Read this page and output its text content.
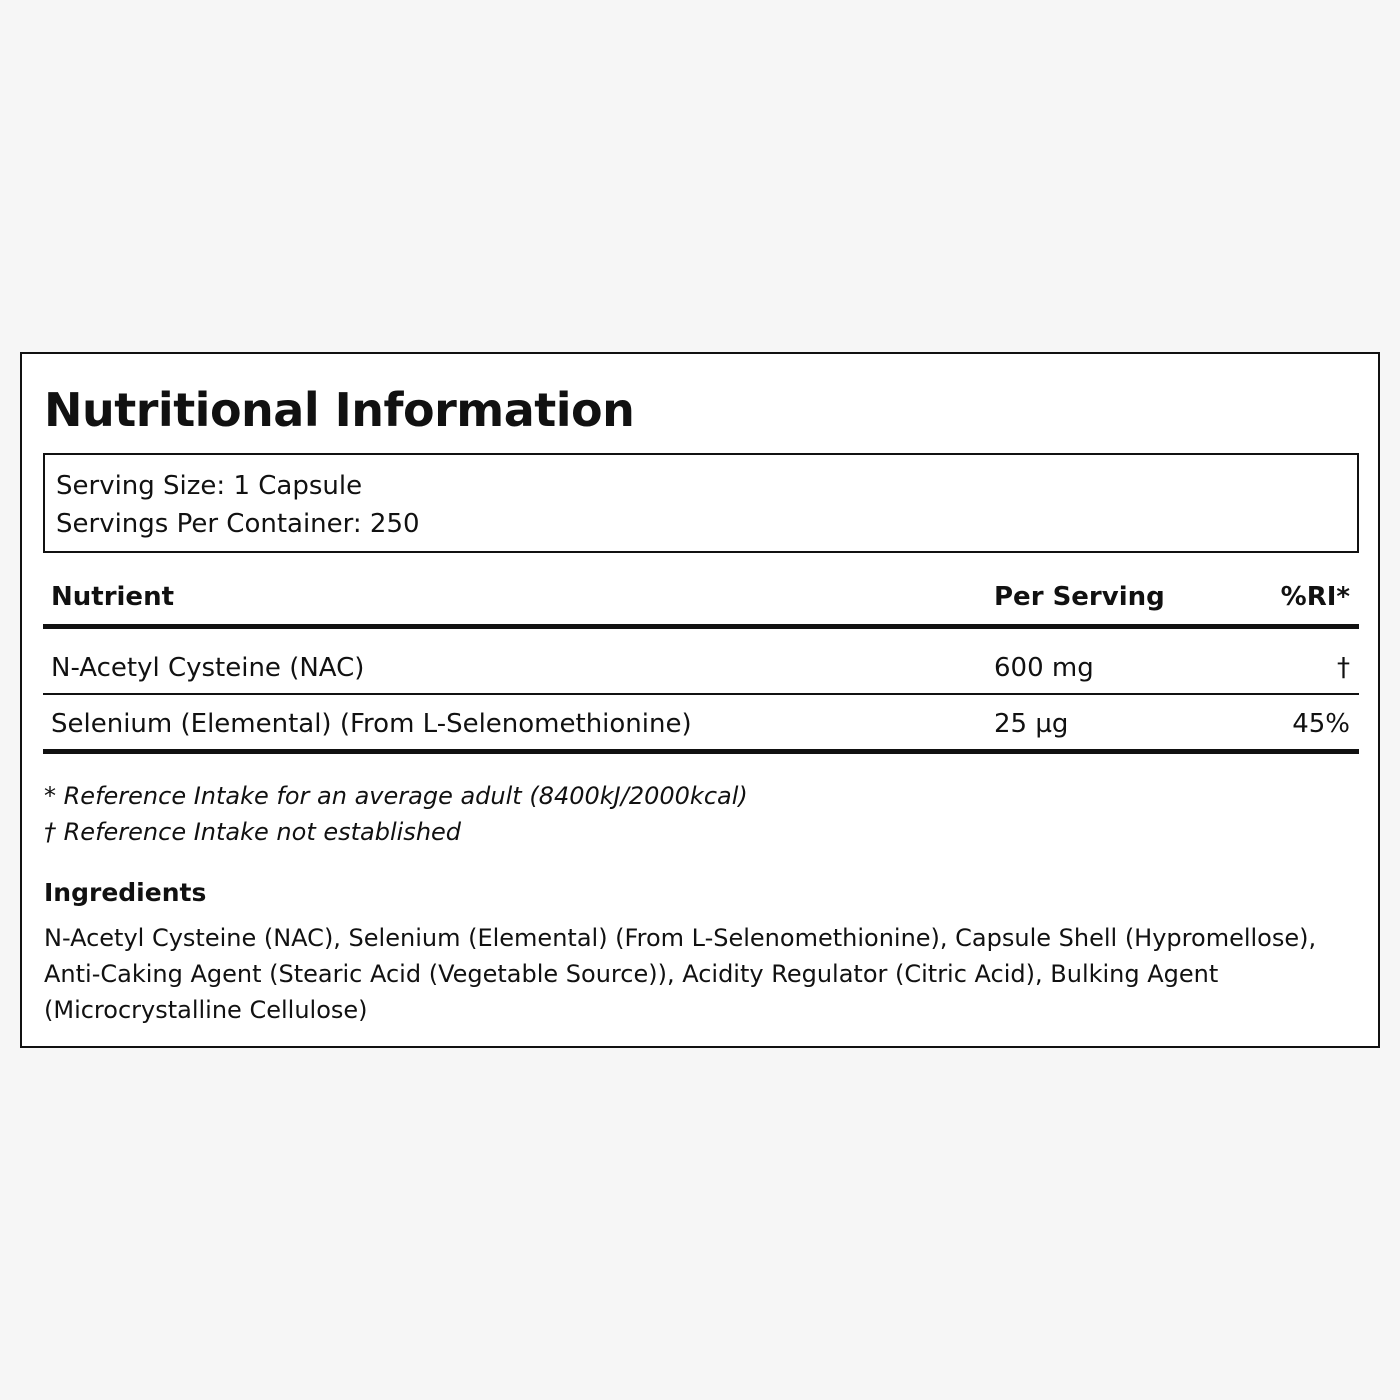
Nutritional Information
Serving Size: 1 Capsule
Servings Per Container: 250
Nutrient	Per Serving	%RI*
N-Acetyl Cysteine (NAC)	600 mg	†
Selenium (Elemental) (From L-Selenomethionine)	25 µg	45%
* Reference Intake for an average adult (8400kJ/2000kcal)
† Reference Intake not established
Ingredients

N-Acetyl Cysteine (NAC), Selenium (Elemental) (From L-Selenomethionine), Capsule Shell (Hypromellose), Anti-Caking Agent (Stearic Acid (Vegetable Source)), Acidity Regulator (Citric Acid), Bulking Agent (Microcrystalline Cellulose)
